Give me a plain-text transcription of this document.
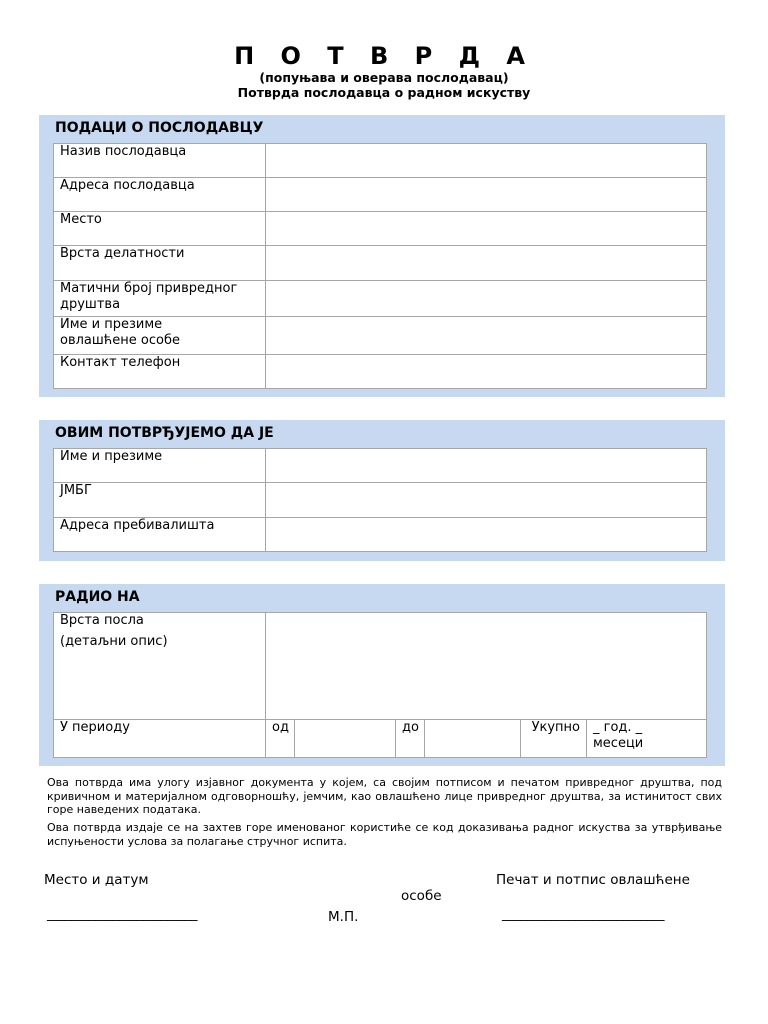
П О Т В Р Д А
(попуњава и оверава послодавац)
Потврда послодавца о радном искуству
ПОДАЦИ О ПОСЛОДАВЦУ
Назив послодавца	
Адреса послодавца	
Место	
Врста делатности	
Матични број привредног друштва	
Име и презиме овлашћене особе	
Контакт телефон	
ОВИМ ПОТВРЂУЈЕМО ДА ЈЕ
Име и презиме	
ЈМБГ	
Адреса пребивалишта	
РАДИО НА
Врста посла
(детаљни опис)						

У периоду	од		до		Укупно	_ год. _ месеци
Ова потврда има улогу изјавног документа у којем, са својим потписом и печатом привредног друштва, под кривичном и материјалном одговорношћу, јемчим, као овлашћено лице привредног друштва, за истинитост свих горе наведених података.
Ова потврда издаје се на захтев горе именованог користиће се код доказивања радног искуства за утврђивање испуњености услова за полагање стручног испита.
Место и датум	Печат и потпис овлашћене
особе
_________________________	М.П.	___________________________
